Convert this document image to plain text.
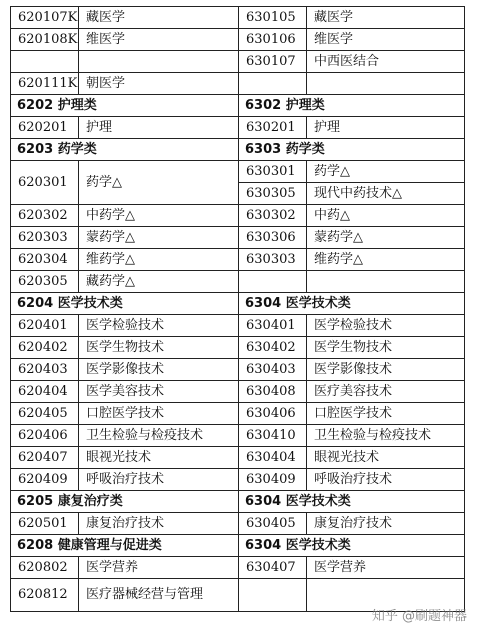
620107K	藏医学	630105	藏医学
620108K	维医学	630106	维医学
		630107	中西医结合
620111K	朝医学		
6202 护理类		6302 护理类	
620201	护理	630201	护理
6203 药学类		6303 药学类	
620301	药学△	630301	药学△
		630305	现代中药技术△
620302	中药学△	630302	中药△
620303	蒙药学△	630306	蒙药学△
620304	维药学△	630303	维药学△
620305	藏药学△		
6204 医学技术类		6304 医学技术类	
620401	医学检验技术	630401	医学检验技术
620402	医学生物技术	630402	医学生物技术
620403	医学影像技术	630403	医学影像技术
620404	医学美容技术	630408	医疗美容技术
620405	口腔医学技术	630406	口腔医学技术
620406	卫生检验与检疫技术	630410	卫生检验与检疫技术
620407	眼视光技术	630404	眼视光技术
620409	呼吸治疗技术	630409	呼吸治疗技术
6205 康复治疗类		6304 医学技术类	
620501	康复治疗技术	630405	康复治疗技术
6208 健康管理与促进类		6304 医学技术类	
620802	医学营养	630407	医学营养
620812	医疗器械经营与管理		
知乎 @刷题神器
